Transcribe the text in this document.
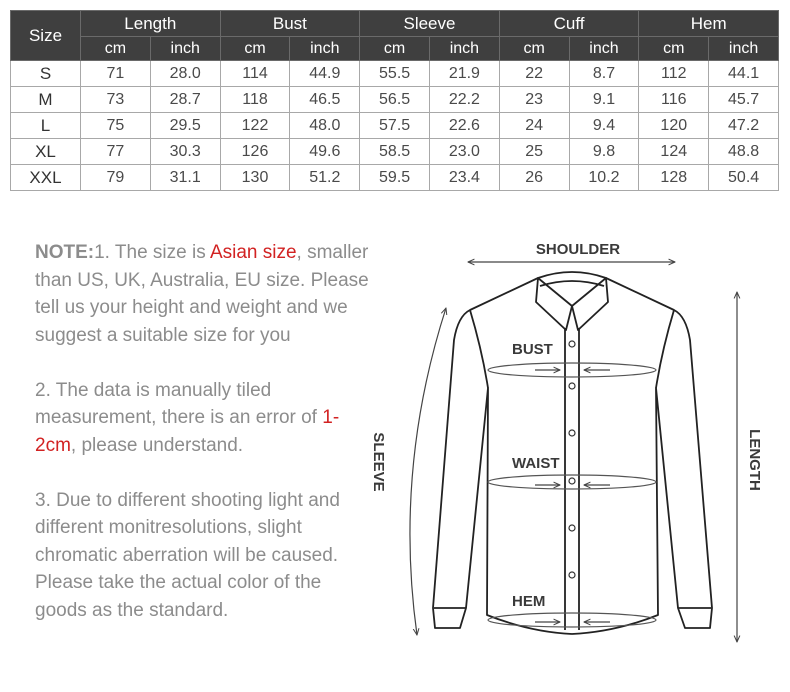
Size	Length		Bust		Sleeve		Cuff		Hem	
	cm	inch	cm	inch	cm	inch	cm	inch	cm	inch
S	71	28.0	114	44.9	55.5	21.9	22	8.7	112	44.1
M	73	28.7	118	46.5	56.5	22.2	23	9.1	116	45.7
L	75	29.5	122	48.0	57.5	22.6	24	9.4	120	47.2
XL	77	30.3	126	49.6	58.5	23.0	25	9.8	124	48.8
XXL	79	31.1	130	51.2	59.5	23.4	26	10.2	128	50.4

NOTE:1. The size is Asian size, smaller than US, UK, Australia, EU size. Please tell us your height and weight and we suggest a suitable size for you

2. The data is manually tiled measurement, there is an error of 1-2cm, please understand.

3. Due to different shooting light and different monitresolutions, slight chromatic aberration will be caused. Please take the actual color of the goods as the standard.

SHOULDER
BUST
WAIST
HEM
SLEEVE	LENGTH
